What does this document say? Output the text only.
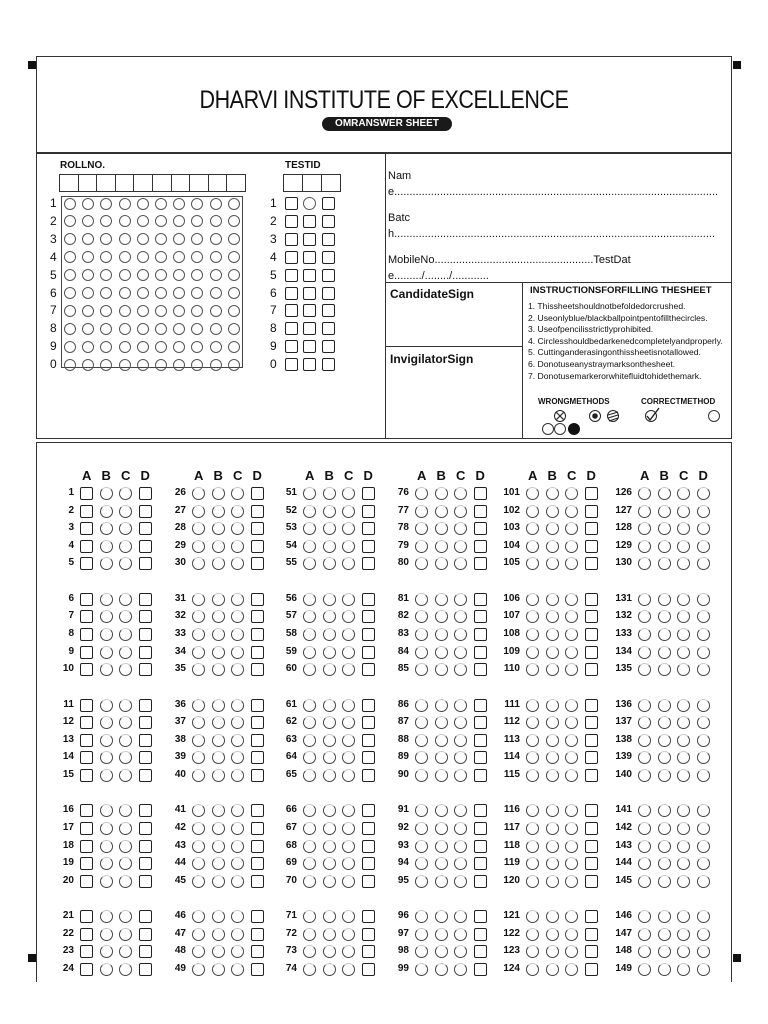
DHARVI INSTITUTE OF EXCELLENCE
OMRANSWER SHEET
ROLLNO.
1
2
3
4
5
6
7
8
9
0
TESTID
1
2
3
4
5
6
7
8
9
0
Name..........................................................................................................
Batch.........................................................................................................
MobileNo....................................................TestDate........./......../............
CandidateSign
InvigilatorSign
INSTRUCTIONSFORFILLING THESHEET
1. Thissheetshouldnotbefoldedorcrushed.
2. Useonlyblue/blackballpointpentofillthecircles.
3. Useofpencilisstrictlyprohibited.
4. Circlesshouldbedarkenedcompletelyandproperly.
5. Cuttinganderasingonthissheetisnotallowed.
6. Donotuseanystraymarksonthesheet.
7. Donotusemarkerorwhitefluidtohidethemark.
WRONGMETHODS	CORRECTMETHOD
A B C D
1
2
3
4
5
6
7
8
9
10
11
12
13
14
15
16
17
18
19
20
21
22
23
24
A B C D
26
27
28
29
30
31
32
33
34
35
36
37
38
39
40
41
42
43
44
45
46
47
48
49
A B C D
51
52
53
54
55
56
57
58
59
60
61
62
63
64
65
66
67
68
69
70
71
72
73
74
A B C D
76
77
78
79
80
81
82
83
84
85
86
87
88
89
90
91
92
93
94
95
96
97
98
99
A B C D
101
102
103
104
105
106
107
108
109
110
111
112
113
114
115
116
117
118
119
120
121
122
123
124
A B C D
126
127
128
129
130
131
132
133
134
135
136
137
138
139
140
141
142
143
144
145
146
147
148
149
